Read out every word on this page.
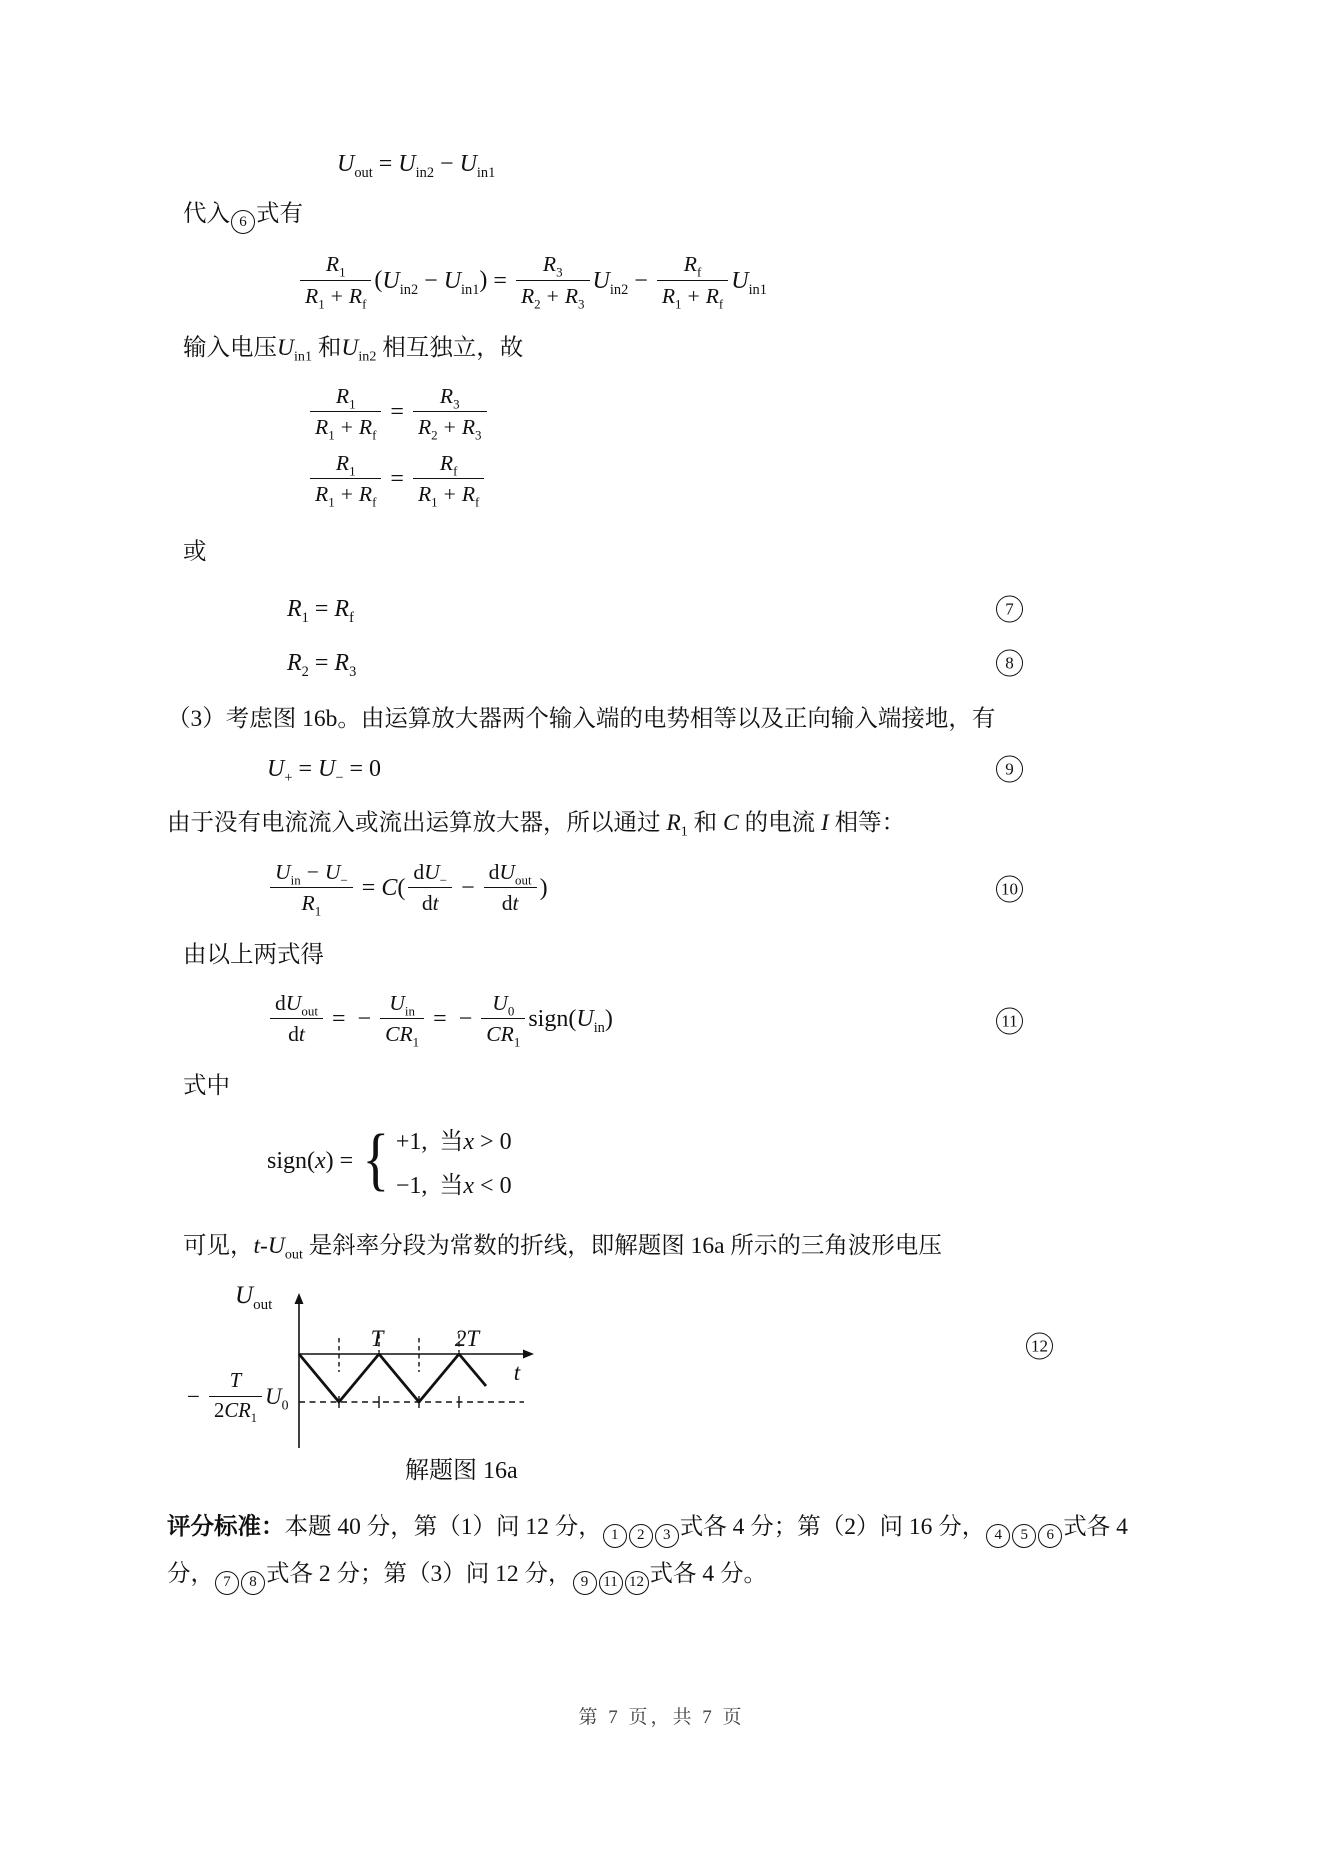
$U_{out} = U_{in2} - U_{in1}$
代入 6 式有
$\frac{R_1}{R_1 + R_f} (U_{in2} - U_{in1}) = \frac{R_3}{R_2 + R_3} U_{in2} - \frac{R_f}{R_1 + R_f} U_{in1}$
输入电压$U_{in1}$ 和$U_{in2}$ 相互独立，故
$\frac{R_1}{R_1 + R_f} = \frac{R_3}{R_2 + R_3}$
$\frac{R_1}{R_1 + R_f} = \frac{R_f}{R_1 + R_f}$
或
$R_1 = R_f$	7
$R_2 = R_3$	8
（3）考虑图 16b。由运算放大器两个输入端的电势相等以及正向输入端接地，有
$U_+ = U_- = 0$	9
由于没有电流流入或流出运算放大器，所以通过 $R_1$ 和 C 的电流 I 相等：
$\frac{U_{in} - U_-}{R_1} = C( \frac{dU_-}{dt} - \frac{dU_{out}}{dt}$ )	10
由以上两式得
$\frac{dU_{out}}{dt}$ = − $\frac{U_{in}}{CR_1}$ = − $\frac{U_0}{CR_1}$ $sign(U_{in})$	11
式中
sign(x) = { +1,  当x > 0
−1,  当x < 0
可见，$t-U_{out}$ 是斜率分段为常数的折线，即解题图 16a 所示的三角波形电压
$U_{out}$
− $\frac{T}{2CR_1} U_0$
T	2T
t
12
解题图 16a
评分标准：本题 40 分，第（1）问 12 分， 1 2 3 式各 4 分；第（2）问 16 分， 4 5 6 式各 4 分， 7 8 式各 2 分；第（3）问 12 分， 9 11 12 式各 4 分。
第 7 页，共 7 页
